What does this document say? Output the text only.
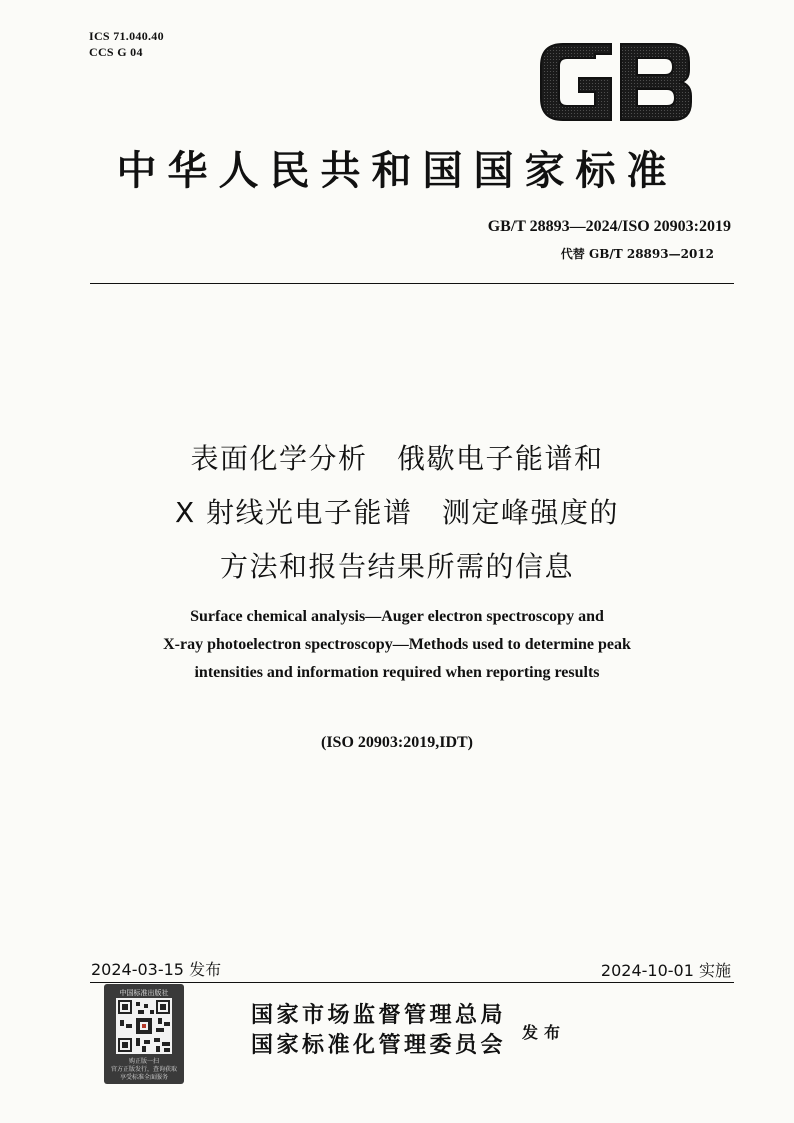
ICS 71.040.40
CCS G 04
中华人民共和国国家标准
GB/T 28893—2024/ISO 20903:2019
代替 GB/T 28893—2012
表面化学分析　俄歇电子能谱和
X 射线光电子能谱　测定峰强度的
方法和报告结果所需的信息
Surface chemical analysis—Auger electron spectroscopy and
X-ray photoelectron spectroscopy—Methods used to determine peak
intensities and information required when reporting results
(ISO 20903:2019,IDT)
2024-03-15 发布	2024-10-01 实施
中国标准出版社
购正版一扫
官方正版发行，查询获取
享受标准全面服务
国家市场监督管理总局
国家标准化管理委员会 发布
